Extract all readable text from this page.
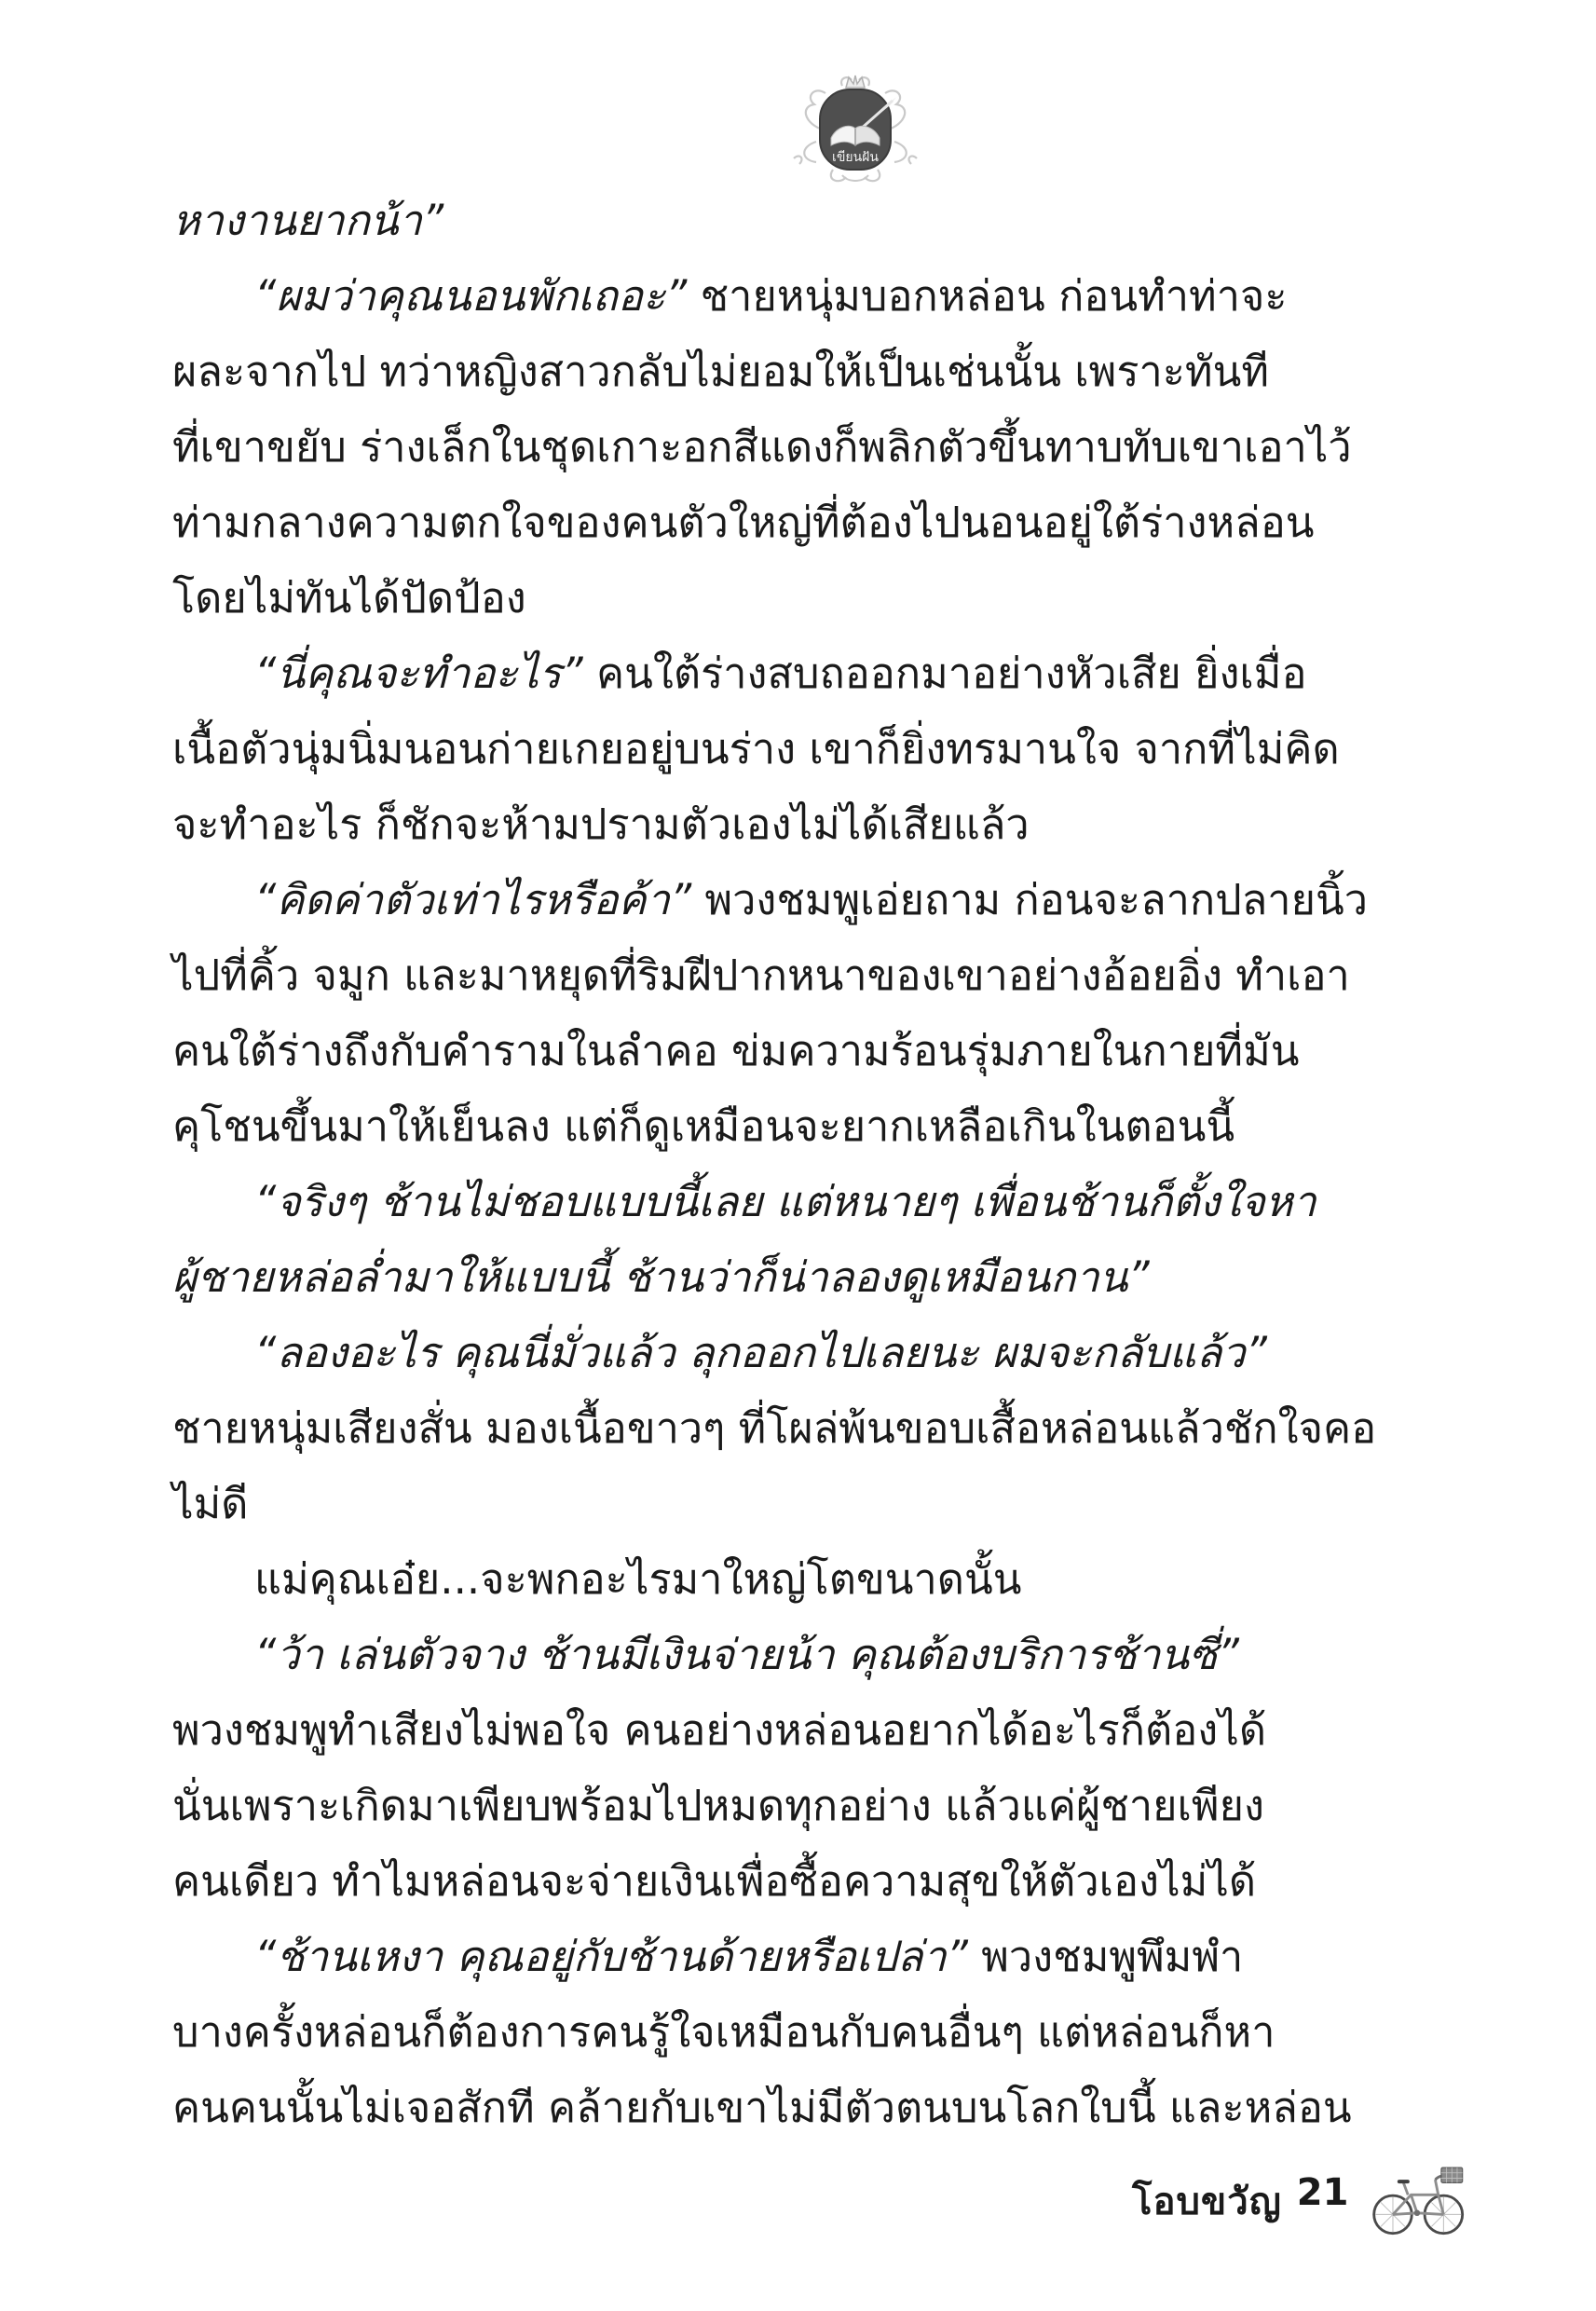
เขียนฝัน
หางานยากน้า”
“ผมว่าคุณนอนพักเถอะ” ชายหนุ่มบอกหล่อน ก่อนทำท่าจะ
ผละจากไป ทว่าหญิงสาวกลับไม่ยอมให้เป็นเช่นนั้น เพราะทันที
ที่เขาขยับ ร่างเล็กในชุดเกาะอกสีแดงก็พลิกตัวขึ้นทาบทับเขาเอาไว้
ท่ามกลางความตกใจของคนตัวใหญ่ที่ต้องไปนอนอยู่ใต้ร่างหล่อน
โดยไม่ทันได้ปัดป้อง
“นี่คุณจะทำอะไร” คนใต้ร่างสบถออกมาอย่างหัวเสีย ยิ่งเมื่อ
เนื้อตัวนุ่มนิ่มนอนก่ายเกยอยู่บนร่าง เขาก็ยิ่งทรมานใจ จากที่ไม่คิด
จะทำอะไร ก็ชักจะห้ามปรามตัวเองไม่ได้เสียแล้ว
“คิดค่าตัวเท่าไรหรือค้า” พวงชมพูเอ่ยถาม ก่อนจะลากปลายนิ้ว
ไปที่คิ้ว จมูก และมาหยุดที่ริมฝีปากหนาของเขาอย่างอ้อยอิ่ง ทำเอา
คนใต้ร่างถึงกับคำรามในลำคอ ข่มความร้อนรุ่มภายในกายที่มัน
คุโชนขึ้นมาให้เย็นลง แต่ก็ดูเหมือนจะยากเหลือเกินในตอนนี้
“จริงๆ ช้านไม่ชอบแบบนี้เลย แต่หนายๆ เพื่อนช้านก็ตั้งใจหา
ผู้ชายหล่อล่ำมาให้แบบนี้ ช้านว่าก็น่าลองดูเหมือนกาน”
“ลองอะไร คุณนี่มั่วแล้ว ลุกออกไปเลยนะ ผมจะกลับแล้ว”
ชายหนุ่มเสียงสั่น มองเนื้อขาวๆ ที่โผล่พ้นขอบเสื้อหล่อนแล้วชักใจคอ
ไม่ดี
แม่คุณเอ๋ย...จะพกอะไรมาใหญ่โตขนาดนั้น
“ว้า เล่นตัวจาง ช้านมีเงินจ่ายน้า คุณต้องบริการช้านซี่”
พวงชมพูทำเสียงไม่พอใจ คนอย่างหล่อนอยากได้อะไรก็ต้องได้
นั่นเพราะเกิดมาเพียบพร้อมไปหมดทุกอย่าง แล้วแค่ผู้ชายเพียง
คนเดียว ทำไมหล่อนจะจ่ายเงินเพื่อซื้อความสุขให้ตัวเองไม่ได้
“ช้านเหงา คุณอยู่กับช้านด้ายหรือเปล่า” พวงชมพูพึมพำ
บางครั้งหล่อนก็ต้องการคนรู้ใจเหมือนกับคนอื่นๆ แต่หล่อนก็หา
คนคนนั้นไม่เจอสักที คล้ายกับเขาไม่มีตัวตนบนโลกใบนี้ และหล่อน
โอบขวัญ 21
